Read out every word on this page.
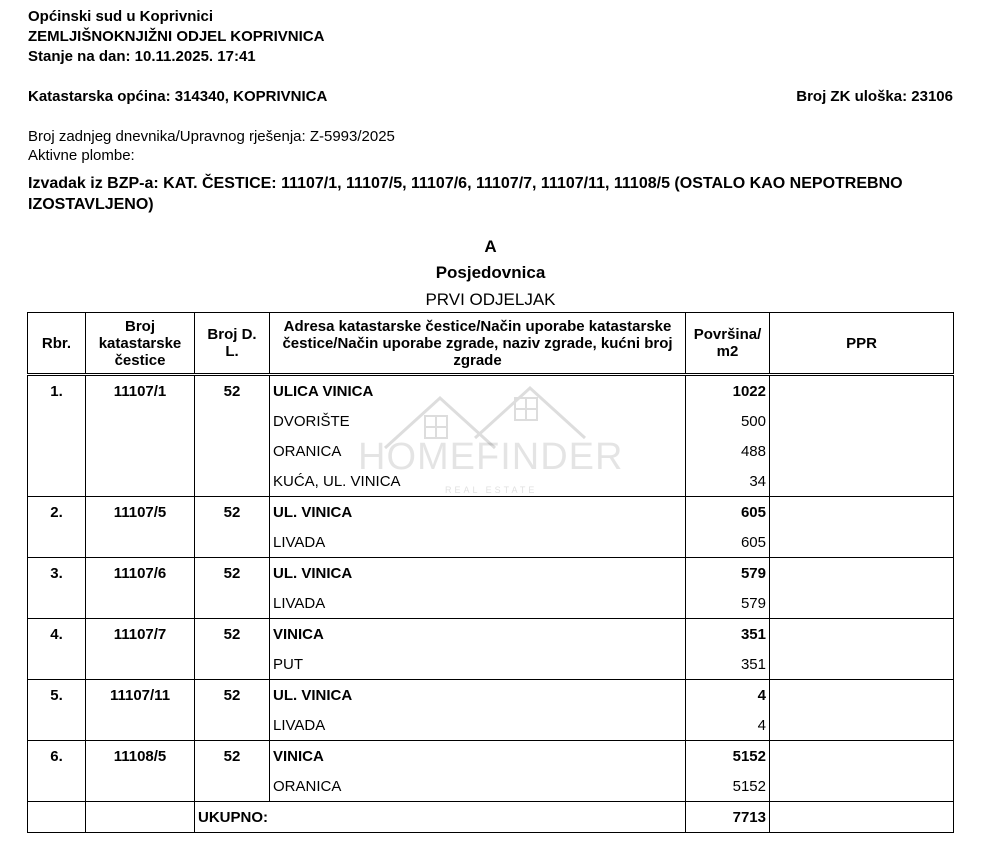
Općinski sud u Koprivnici
ZEMLJIŠNOKNJIŽNI ODJEL KOPRIVNICA
Stanje na dan: 10.11.2025. 17:41
Katastarska općina: 314340, KOPRIVNICA	Broj ZK uloška: 23106
Broj zadnjeg dnevnika/Upravnog rješenja: Z-5993/2025
Aktivne plombe:
Izvadak iz BZP-a: KAT. ČESTICE: 11107/1, 11107/5, 11107/6, 11107/7, 11107/11, 11108/5 (OSTALO KAO NEPOTREBNO IZOSTAVLJENO)
A
Posjedovnica
PRVI ODJELJAK
Rbr.	Broj katastarske čestice	Broj D. L.	Adresa katastarske čestice/Način uporabe katastarske čestice/Način uporabe zgrade, naziv zgrade, kućni broj zgrade	Površina/ m2	PPR
1.	11107/1	52	ULICA VINICA	1022	
			DVORIŠTE	500	
			ORANICA	488	
			KUĆA, UL. VINICA	34	
2.	11107/5	52	UL. VINICA	605	
			LIVADA	605	
3.	11107/6	52	UL. VINICA	579	
			LIVADA	579	
4.	11107/7	52	VINICA	351	
			PUT	351	
5.	11107/11	52	UL. VINICA	4	
			LIVADA	4	
6.	11108/5	52	VINICA	5152	
			ORANICA	5152	
		UKUPNO:		7713	
HOMEFINDER
REAL ESTATE
